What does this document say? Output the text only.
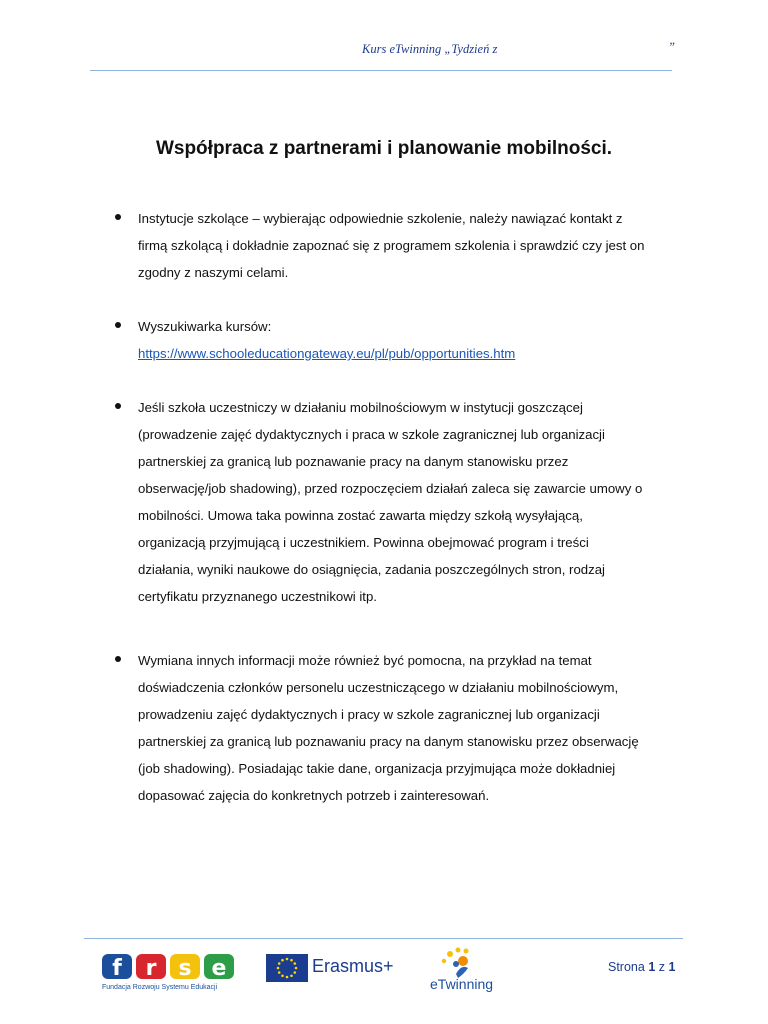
Kurs eTwinning „Tydzień z	”
Współpraca z partnerami i planowanie mobilności.
Instytucje szkolące – wybierając odpowiednie szkolenie, należy nawiązać kontakt z
firmą szkolącą i dokładnie zapoznać się z programem szkolenia i sprawdzić czy jest on
zgodny z naszymi celami.
Wyszukiwarka kursów:
https://www.schooleducationgateway.eu/pl/pub/opportunities.htm
Jeśli szkoła uczestniczy w działaniu mobilnościowym w instytucji goszczącej
(prowadzenie zajęć dydaktycznych i praca w szkole zagranicznej lub organizacji
partnerskiej za granicą lub poznawanie pracy na danym stanowisku przez
obserwację/job shadowing), przed rozpoczęciem działań zaleca się zawarcie umowy o
mobilności. Umowa taka powinna zostać zawarta między szkołą wysyłającą,
organizacją przyjmującą i uczestnikiem. Powinna obejmować program i treści
działania, wyniki naukowe do osiągnięcia, zadania poszczególnych stron, rodzaj
certyfikatu przyznanego uczestnikowi itp.
Wymiana innych informacji może również być pomocna, na przykład na temat
doświadczenia członków personelu uczestniczącego w działaniu mobilnościowym,
prowadzeniu zajęć dydaktycznych i pracy w szkole zagranicznej lub organizacji
partnerskiej za granicą lub poznawaniu pracy na danym stanowisku przez obserwację
(job shadowing). Posiadając takie dane, organizacja przyjmująca może dokładniej
dopasować zajęcia do konkretnych potrzeb i zainteresowań.
f r s e
Fundacja Rozwoju Systemu Edukacji
Erasmus+
eTwinning
Strona 1 z 1
